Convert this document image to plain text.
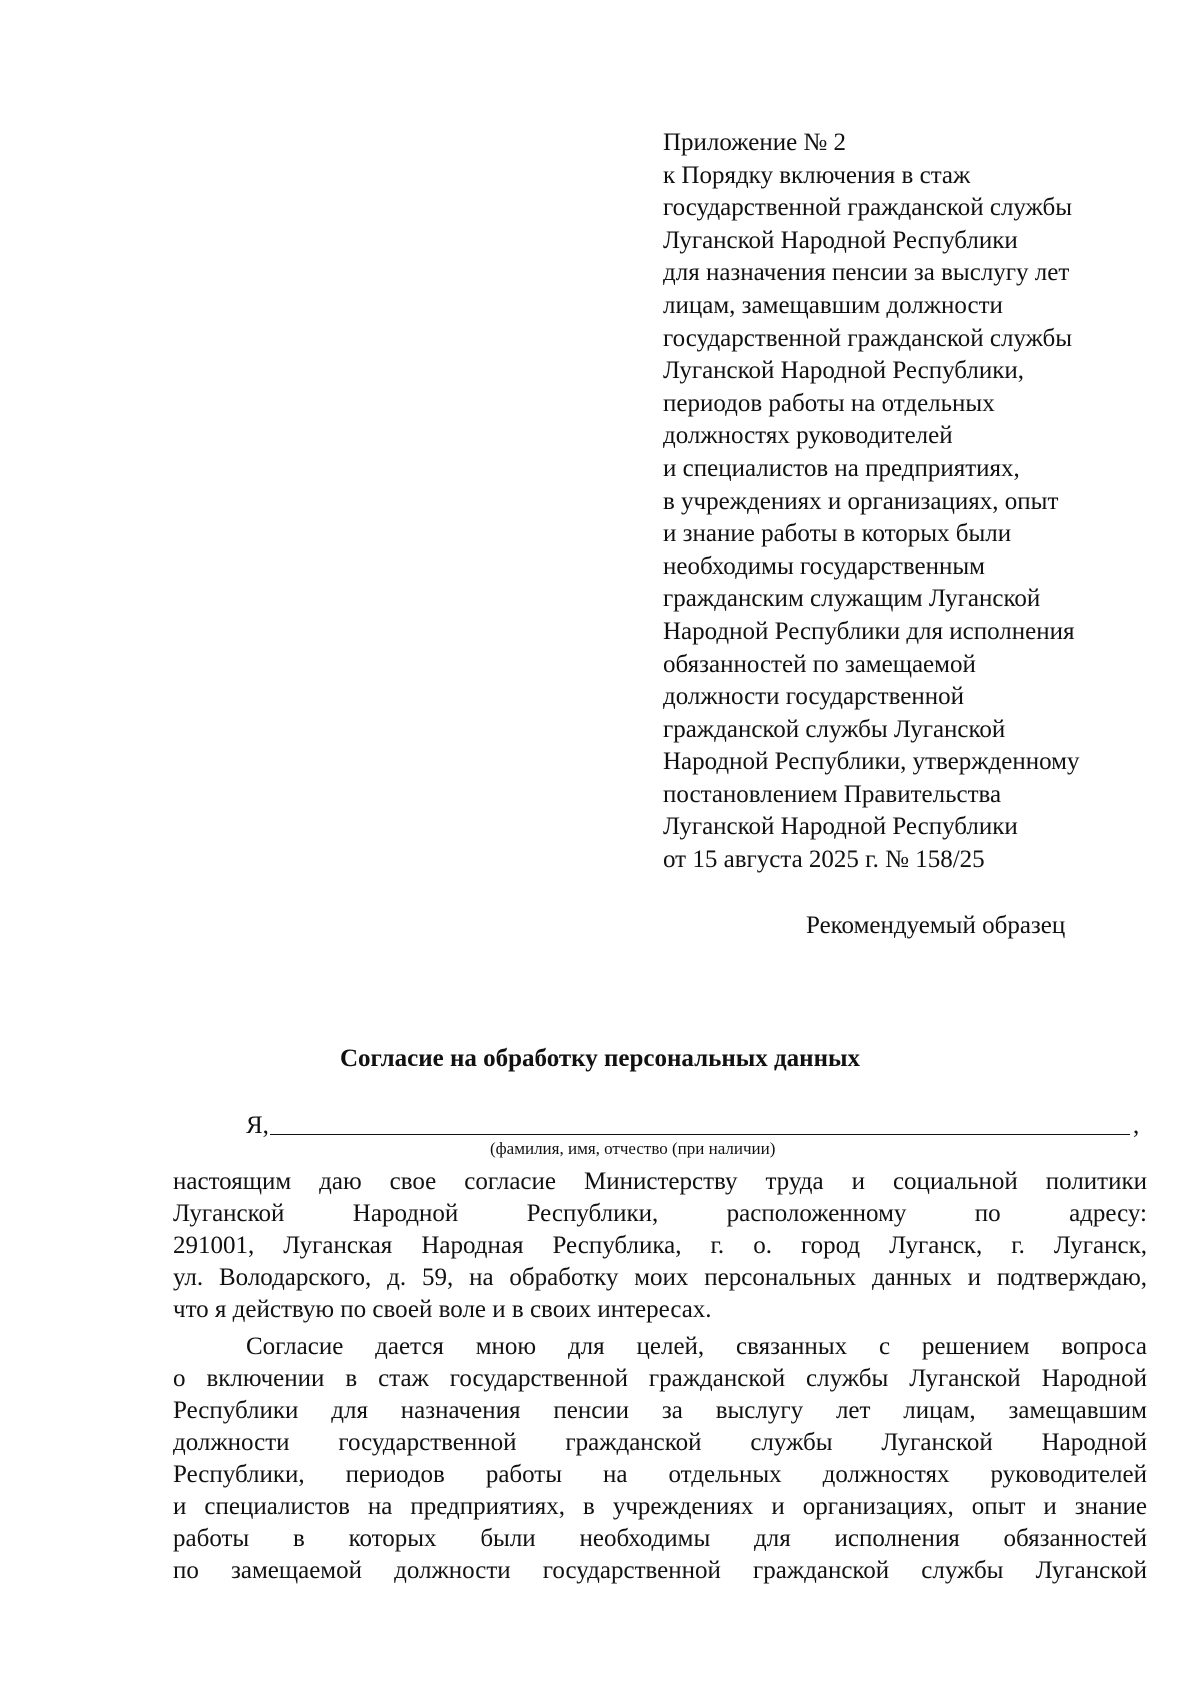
Приложение № 2
к Порядку включения в стаж
государственной гражданской службы
Луганской Народной Республики
для назначения пенсии за выслугу лет
лицам, замещавшим должности
государственной гражданской службы
Луганской Народной Республики,
периодов работы на отдельных
должностях руководителей
и специалистов на предприятиях,
в учреждениях и организациях, опыт
и знание работы в которых были
необходимы государственным
гражданским служащим Луганской
Народной Республики для исполнения
обязанностей по замещаемой
должности государственной
гражданской службы Луганской
Народной Республики, утвержденному
постановлением Правительства
Луганской Народной Республики
от 15 августа 2025 г. № 158/25
Рекомендуемый образец
Согласие на обработку персональных данных
Я,	,
(фамилия, имя, отчество (при наличии)
настоящим даю свое согласие Министерству труда и социальной политики
Луганской Народной Республики, расположенному по адресу:
291001, Луганская Народная Республика, г. о. город Луганск, г. Луганск,
ул. Володарского, д. 59, на обработку моих персональных данных и подтверждаю,
что я действую по своей воле и в своих интересах.
Согласие дается мною для целей, связанных с решением вопроса
о включении в стаж государственной гражданской службы Луганской Народной
Республики для назначения пенсии за выслугу лет лицам, замещавшим
должности государственной гражданской службы Луганской Народной
Республики, периодов работы на отдельных должностях руководителей
и специалистов на предприятиях, в учреждениях и организациях, опыт и знание
работы в которых были необходимы для исполнения обязанностей
по замещаемой должности государственной гражданской службы Луганской
